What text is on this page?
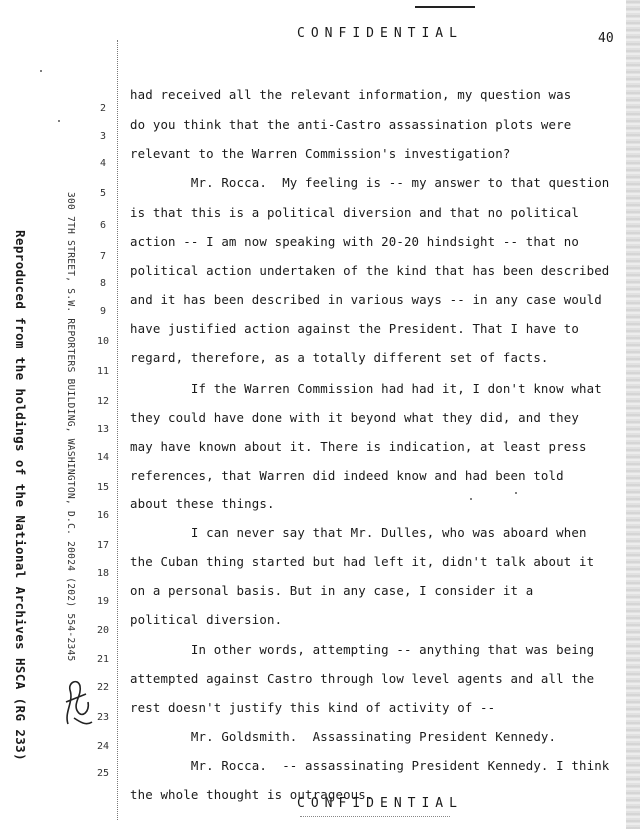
CONFIDENTIAL	40
Reproduced from the holdings of the National Archives HSCA (RG 233)	300 7TH STREET, S.W. REPORTERS BUILDING, WASHINGTON, D.C. 20024 (202) 554-2345
2
3
4
5
6
7
8
9
10
11
12
13
14
15
16
17
18
19
20
21
22
23
24
25
had received all the relevant information, my question was
do you think that the anti-Castro assassination plots were
relevant to the Warren Commission's investigation?
Mr. Rocca.  My feeling is -- my answer to that question
is that this is a political diversion and that no political
action -- I am now speaking with 20-20 hindsight -- that no
political action undertaken of the kind that has been described
and it has been described in various ways -- in any case would
have justified action against the President. That I have to
regard, therefore, as a totally different set of facts.
If the Warren Commission had had it, I don't know what
they could have done with it beyond what they did, and they
may have known about it. There is indication, at least press
references, that Warren did indeed know and had been told
about these things.
I can never say that Mr. Dulles, who was aboard when
the Cuban thing started but had left it, didn't talk about it
on a personal basis. But in any case, I consider it a
political diversion.
In other words, attempting -- anything that was being
attempted against Castro through low level agents and all the
rest doesn't justify this kind of activity of --
Mr. Goldsmith.  Assassinating President Kennedy.
Mr. Rocca.  -- assassinating President Kennedy. I think
the whole thought is outrageous.
CONFIDENTIAL
